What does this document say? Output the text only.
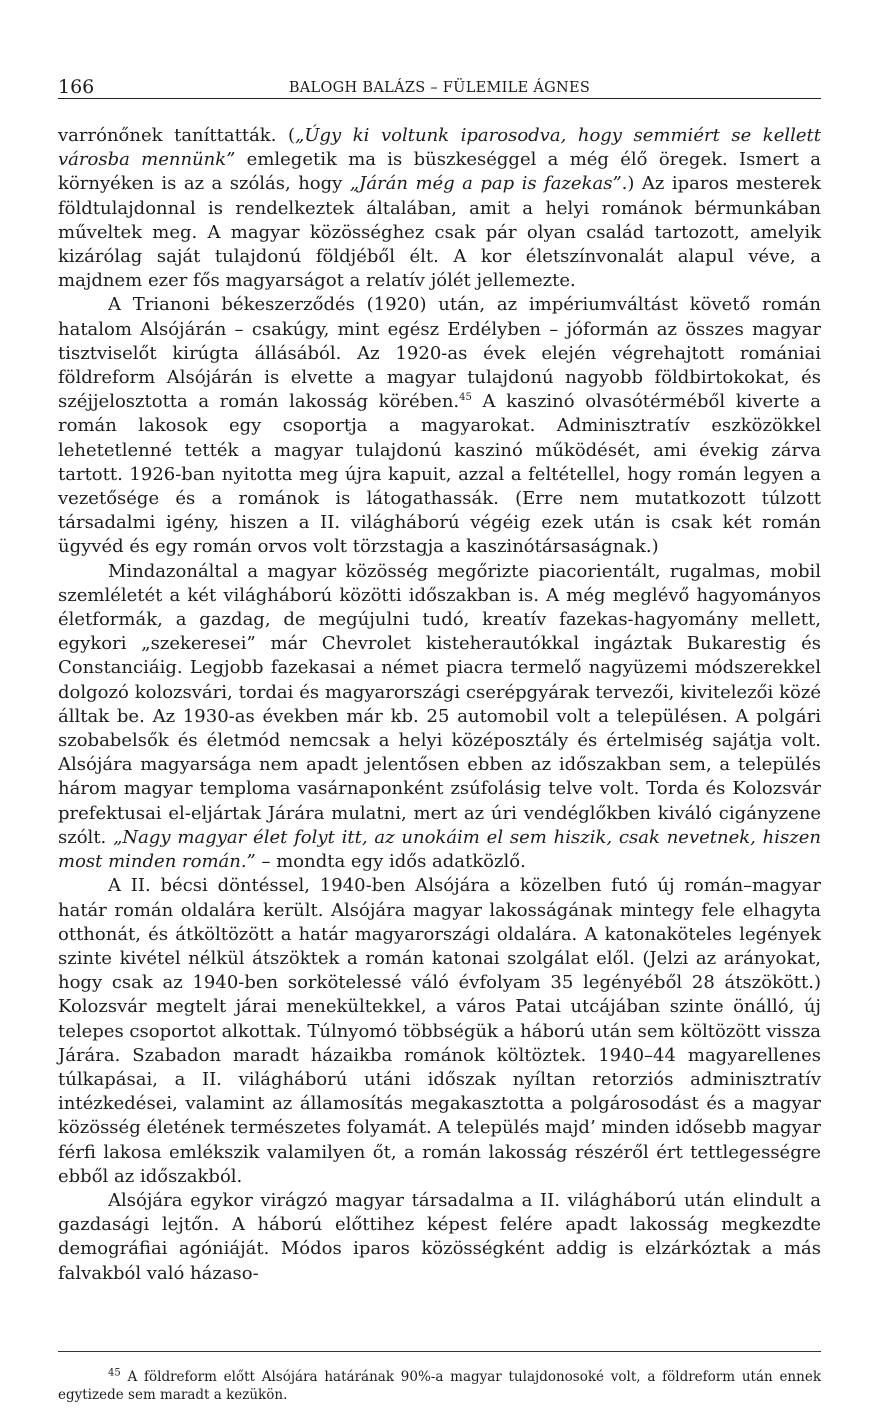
166	BALOGH BALÁZS – FÜLEMILE ÁGNES

varrónőnek taníttatták. („Úgy ki voltunk iparosodva, hogy semmiért se kellett városba mennünk” emlegetik ma is büszkeséggel a még élő öregek. Ismert a környéken is az a szólás, hogy „Járán még a pap is fazekas”.) Az iparos mesterek földtulajdonnal is rendelkeztek általában, amit a helyi románok bérmunkában műveltek meg. A magyar közösséghez csak pár olyan család tartozott, amelyik kizárólag saját tulajdonú földjéből élt. A kor életszínvonalát alapul véve, a majdnem ezer fős magyarságot a relatív jólét jellemezte.

A Trianoni békeszerződés (1920) után, az impériumváltást követő román hatalom Alsójárán – csakúgy, mint egész Erdélyben – jóformán az összes magyar tisztviselőt kirúgta állásából. Az 1920-as évek elején végrehajtott romániai földreform Alsójárán is elvette a magyar tulajdonú nagyobb földbirtokokat, és széjjelosztotta a román lakosság körében.$^{45}$ A kaszinó olvasótérméből kiverte a román lakosok egy csoportja a magyarokat. Adminisztratív eszközökkel lehetetlenné tették a magyar tulajdonú kaszinó működését, ami évekig zárva tartott. 1926-ban nyitotta meg újra kapuit, azzal a feltétellel, hogy román legyen a vezetősége és a románok is látogathassák. (Erre nem mutatkozott túlzott társadalmi igény, hiszen a II. világháború végéig ezek után is csak két román ügyvéd és egy román orvos volt törzstagja a kaszinótársaságnak.)

Mindazonáltal a magyar közösség megőrizte piacorientált, rugalmas, mobil szemléletét a két világháború közötti időszakban is. A még meglévő hagyományos életformák, a gazdag, de megújulni tudó, kreatív fazekas-hagyomány mellett, egykori „szekeresei” már Chevrolet kisteherautókkal ingáztak Bukarestig és Constanciáig. Legjobb fazekasai a német piacra termelő nagyüzemi módszerekkel dolgozó kolozsvári, tordai és magyarországi cserépgyárak tervezői, kivitelezői közé álltak be. Az 1930-as években már kb. 25 automobil volt a településen. A polgári szobabelsők és életmód nemcsak a helyi középosztály és értelmiség sajátja volt. Alsójára magyarsága nem apadt jelentősen ebben az időszakban sem, a település három magyar temploma vasárnaponként zsúfolásig telve volt. Torda és Kolozsvár prefektusai el-eljártak Járára mulatni, mert az úri vendéglőkben kiváló cigányzene szólt. „Nagy magyar élet folyt itt, az unokáim el sem hiszik, csak nevetnek, hiszen most minden román.” – mondta egy idős adatközlő.

A II. bécsi döntéssel, 1940-ben Alsójára a közelben futó új román–magyar határ román oldalára került. Alsójára magyar lakosságának mintegy fele elhagyta otthonát, és átköltözött a határ magyarországi oldalára. A katonaköteles legények szinte kivétel nélkül átszöktek a román katonai szolgálat elől. (Jelzi az arányokat, hogy csak az 1940-ben sorkötelessé váló évfolyam 35 legényéből 28 átszökött.) Kolozsvár megtelt járai menekültekkel, a város Patai utcájában szinte önálló, új telepes csoportot alkottak. Túlnyomó többségük a háború után sem költözött vissza Járára. Szabadon maradt házaikba románok költöztek. 1940–44 magyarellenes túlkapásai, a II. világháború utáni időszak nyíltan retorziós adminisztratív intézkedései, valamint az államosítás megakasztotta a polgárosodást és a magyar közösség életének természetes folyamát. A település majd’ minden idősebb magyar férfi lakosa emlékszik valamilyen őt, a román lakosság részéről ért tettlegességre ebből az időszakból.

Alsójára egykor virágzó magyar társadalma a II. világháború után elindult a gazdasági lejtőn. A háború előttihez képest felére apadt lakosság megkezdte demográfiai agóniáját. Módos iparos közösségként addig is elzárkóztak a más falvakból való házaso-

$^{45}$ A földreform előtt Alsójára határának 90%-a magyar tulajdonosoké volt, a földreform után ennek egytizede sem maradt a kezükön.
